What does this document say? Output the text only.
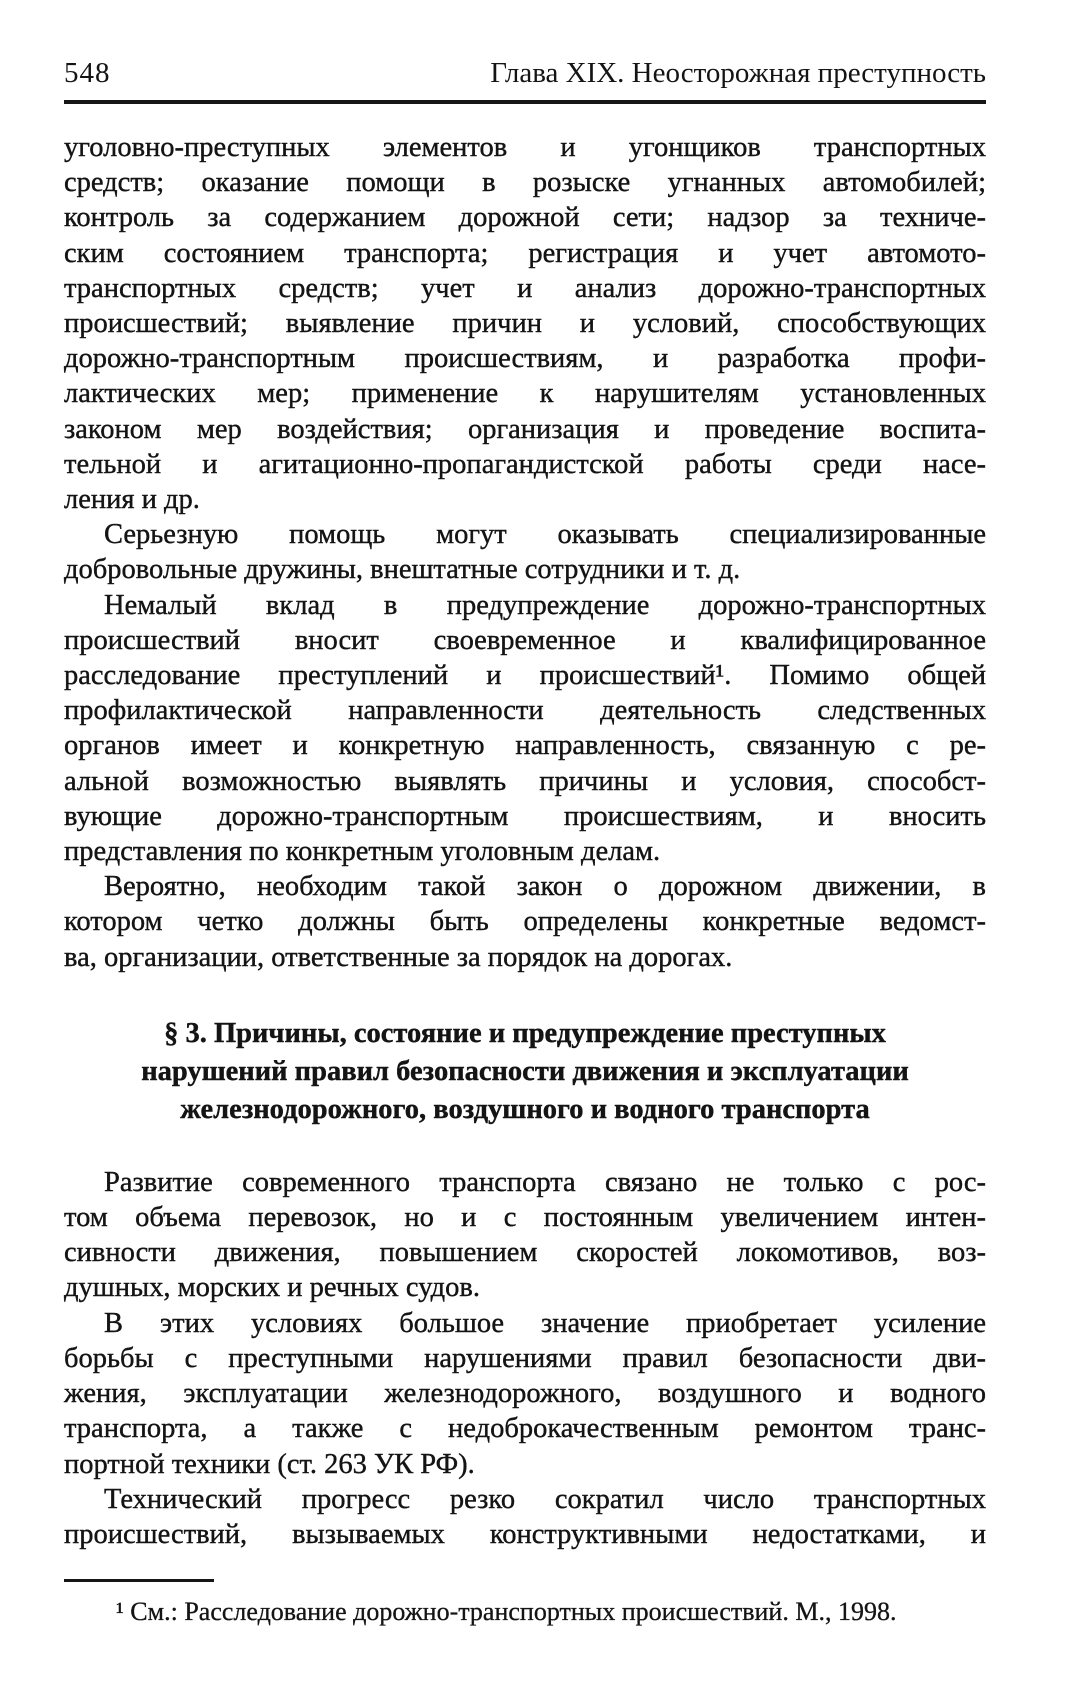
548	Глава XIX. Неосторожная преступность
уголовно-преступных элементов и угонщиков транспортных
средств; оказание помощи в розыске угнанных автомобилей;
контроль за содержанием дорожной сети; надзор за техниче-
ским состоянием транспорта; регистрация и учет автомото-
транспортных средств; учет и анализ дорожно-транспортных
происшествий; выявление причин и условий, способствующих
дорожно-транспортным происшествиям, и разработка профи-
лактических мер; применение к нарушителям установленных
законом мер воздействия; организация и проведение воспита-
тельной и агитационно-пропагандистской работы среди насе-
ления и др.
Серьезную помощь могут оказывать специализированные
добровольные дружины, внештатные сотрудники и т. д.
Немалый вклад в предупреждение дорожно-транспортных
происшествий вносит своевременное и квалифицированное
расследование преступлений и происшествий¹. Помимо общей
профилактической направленности деятельность следственных
органов имеет и конкретную направленность, связанную с ре-
альной возможностью выявлять причины и условия, способст-
вующие дорожно-транспортным происшествиям, и вносить
представления по конкретным уголовным делам.
Вероятно, необходим такой закон о дорожном движении, в
котором четко должны быть определены конкретные ведомст-
ва, организации, ответственные за порядок на дорогах.
§ 3. Причины, состояние и предупреждение преступных
нарушений правил безопасности движения и эксплуатации
железнодорожного, воздушного и водного транспорта
Развитие современного транспорта связано не только с рос-
том объема перевозок, но и с постоянным увеличением интен-
сивности движения, повышением скоростей локомотивов, воз-
душных, морских и речных судов.
В этих условиях большое значение приобретает усиление
борьбы с преступными нарушениями правил безопасности дви-
жения, эксплуатации железнодорожного, воздушного и водного
транспорта, а также с недоброкачественным ремонтом транс-
портной техники (ст. 263 УК РФ).
Технический прогресс резко сократил число транспортных
происшествий, вызываемых конструктивными недостатками, и
¹ См.: Расследование дорожно-транспортных происшествий. М., 1998.
